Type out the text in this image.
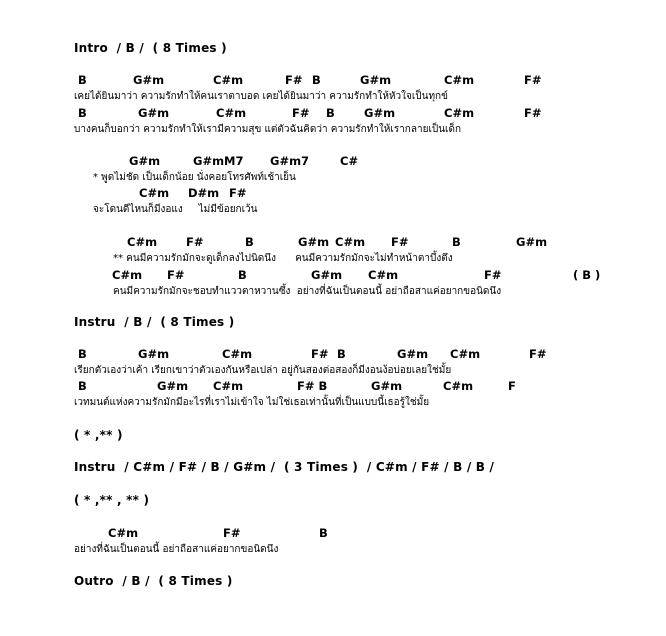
Intro  / B /  ( 8 Times )

B

	G#m

	C#m

	F#

B

	G#m

	C#m

	F#

เคยได้ยินมาว่า ความรักทำให้คนเราตาบอด เคยได้ยินมาว่า ความรักทำให้หัวใจเป็นทุกข์

B

	G#m

	C#m

	F#

B

	G#m

	C#m

	F#

บางคนก็บอกว่า ความรักทำให้เรามีความสุข แต่ตัวฉันคิดว่า ความรักทำให้เรากลายเป็นเด็ก

G#m

	G#mM7

G#m7

	C#

* พูดไม่ชัด เป็นเด็กน้อย นั่งคอยโทรศัพท์เช้าเย็น

C#m

D#m

F#

จะโดนดีไหนก็มีงอแง     ไม่มีข้อยกเว้น

C#m

	F#

	B

	G#m

C#m

F#

	B

	G#m

** คนมีความรักมักจะดูเด็กลงไปนิดนึง      คนมีความรักมักจะไม่ทำหน้าตาบึ้งตึง

C#m

F#

	B

	G#m

C#m

	F#

	( B )

คนมีความรักมักจะชอบทำแววตาหวานซึ้ง  อย่างที่ฉันเป็นตอนนี้ อย่าถือสาแค่อยากขอนิดนึง
Instru  / B /  ( 8 Times )

B

	G#m

	C#m

	F#

B

	G#m

C#m

	F#

เรียกตัวเองว่าเค้า เรียกเขาว่าตัวเองกันหรือเปล่า อยู่กันสองต่อสองก็มีงอนง้อบ่อยเลยใช่มั้ย

B

	G#m

C#m

	F# B

	G#m

	C#m

	F

เวทมนต์แห่งความรักมักมีอะไรที่เราไม่เข้าใจ ไม่ใช่เธอเท่านั้นที่เป็นแบบนี้เธอรู้ใช่มั้ย
( * ,** )
Instru  / C#m / F# / B / G#m /  ( 3 Times )  / C#m / F# / B / B /
( * ,** , ** )

C#m

	F#

	B

อย่างที่ฉันเป็นตอนนี้ อย่าถือสาแค่อยากขอนิดนึง
Outro  / B /  ( 8 Times )
